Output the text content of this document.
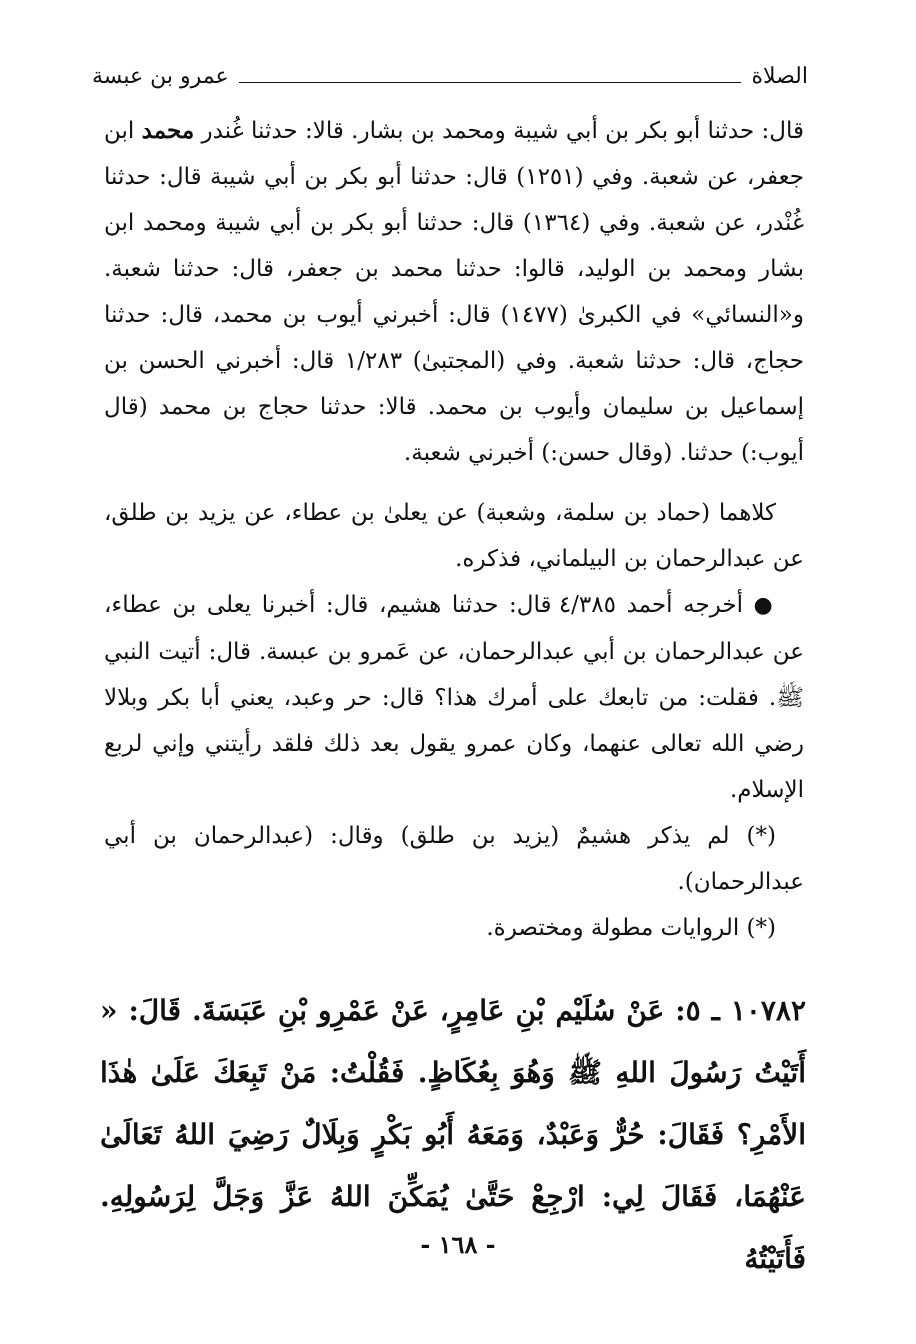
الصلاة
عمرو بن عبسة

قال: حدثنا أبو بكر بن أبي شيبة ومحمد بن بشار. قالا: حدثنا غُندر محمد ابن جعفر، عن شعبة. وفي (١٢٥١) قال: حدثنا أبو بكر بن أبي شيبة قال: حدثنا غُنْدر، عن شعبة. وفي (١٣٦٤) قال: حدثنا أبو بكر بن أبي شيبة ومحمد ابن بشار ومحمد بن الوليد، قالوا: حدثنا محمد بن جعفر، قال: حدثنا شعبة. و«النسائي» في الكبرىٰ (١٤٧٧) قال: أخبرني أيوب بن محمد، قال: حدثنا حجاج، قال: حدثنا شعبة. وفي (المجتبىٰ) ١/٢٨٣ قال: أخبرني الحسن بن إسماعيل بن سليمان وأيوب بن محمد. قالا: حدثنا حجاج بن محمد (قال أيوب:) حدثنا. (وقال حسن:) أخبرني شعبة.

كلاهما (حماد بن سلمة، وشعبة) عن يعلىٰ بن عطاء، عن يزيد بن طلق، عن عبدالرحمان بن البيلماني، فذكره.

● أخرجه أحمد ٤/٣٨٥ قال: حدثنا هشيم، قال: أخبرنا يعلى بن عطاء، عن عبدالرحمان بن أبي عبدالرحمان، عن عَمرو بن عبسة. قال: أتيت النبي ﷺ. فقلت: من تابعك على أمرك هذا؟ قال: حر وعبد، يعني أبا بكر وبلالا رضي الله تعالى عنهما، وكان عمرو يقول بعد ذلك فلقد رأيتني وإني لربع الإسلام.

(*) لم يذكر هشيمٌ (يزيد بن طلق) وقال: (عبدالرحمان بن أبي عبدالرحمان).

(*) الروايات مطولة ومختصرة.

١٠٧٨٢ ـ ٥: عَنْ سُلَيْم بْنِ عَامِرٍ، عَنْ عَمْرِو بْنِ عَبَسَةَ. قَالَ: « أَتَيْتُ رَسُولَ اللهِ ﷺ وَهُوَ بِعُكَاظٍ. فَقُلْتُ: مَنْ تَبِعَكَ عَلَىٰ هٰذَا الأَمْرِ؟ فَقَالَ: حُرٌّ وَعَبْدٌ، وَمَعَهُ أَبُو بَكْرٍ وَبِلَالٌ رَضِيَ اللهُ تَعَالَىٰ عَنْهُمَا، فَقَالَ لِي: ارْجِعْ حَتَّىٰ يُمَكِّنَ اللهُ عَزَّ وَجَلَّ لِرَسُولِهِ. فَأَتَيْتُهُ

- ١٦٨ -
